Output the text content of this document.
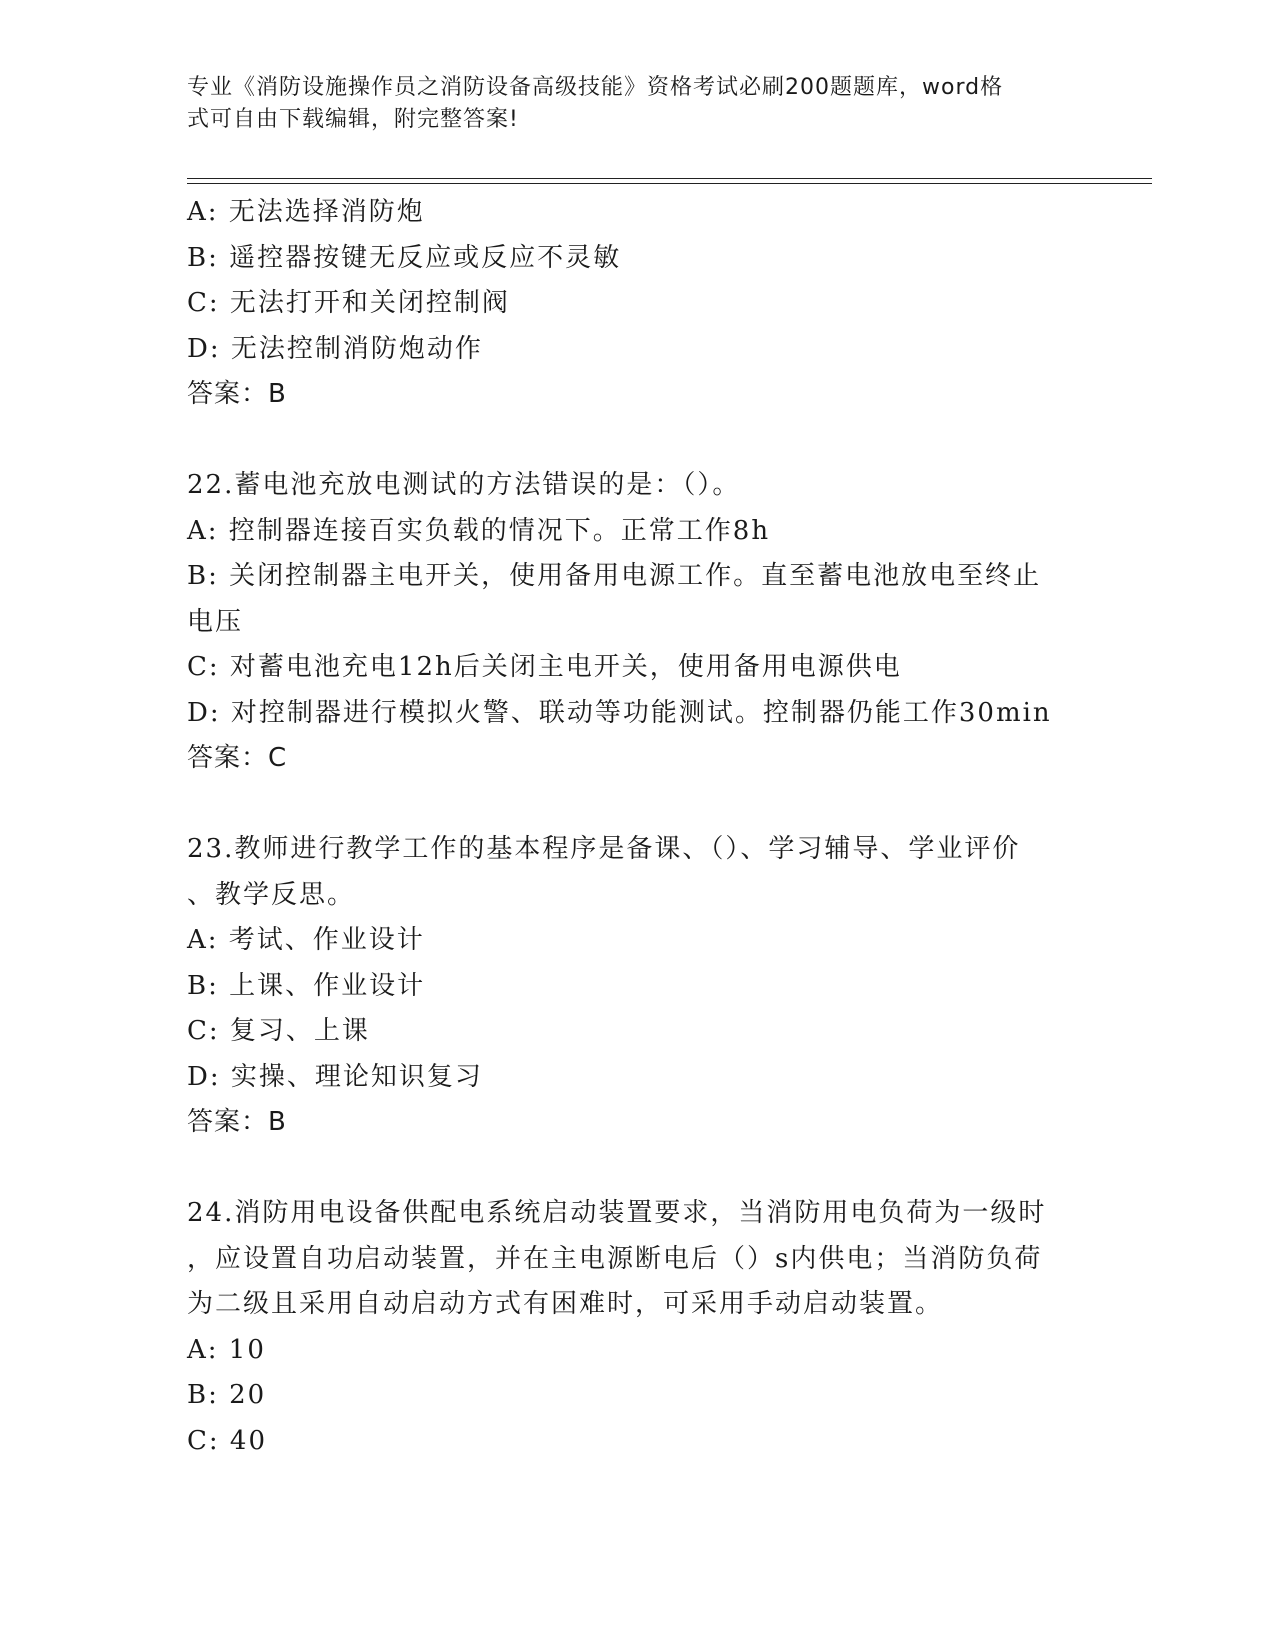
专业《消防设施操作员之消防设备高级技能》资格考试必刷200题题库，word格
式可自由下载编辑，附完整答案!
A: 无法选择消防炮
B: 遥控器按键无反应或反应不灵敏
C: 无法打开和关闭控制阀
D: 无法控制消防炮动作
答案：B
22.蓄电池充放电测试的方法错误的是：（）。
A: 控制器连接百实负载的情况下。正常工作8h
B: 关闭控制器主电开关，使用备用电源工作。直至蓄电池放电至终止
电压
C: 对蓄电池充电12h后关闭主电开关，使用备用电源供电
D: 对控制器进行模拟火警、联动等功能测试。控制器仍能工作30min
答案：C
23.教师进行教学工作的基本程序是备课、（）、学习辅导、学业评价
、教学反思。
A: 考试、作业设计
B: 上课、作业设计
C: 复习、上课
D: 实操、理论知识复习
答案：B
24.消防用电设备供配电系统启动装置要求，当消防用电负荷为一级时
，应设置自功启动装置，并在主电源断电后（）s内供电；当消防负荷
为二级且采用自动启动方式有困难时，可采用手动启动装置。
A: 10
B: 20
C: 40
